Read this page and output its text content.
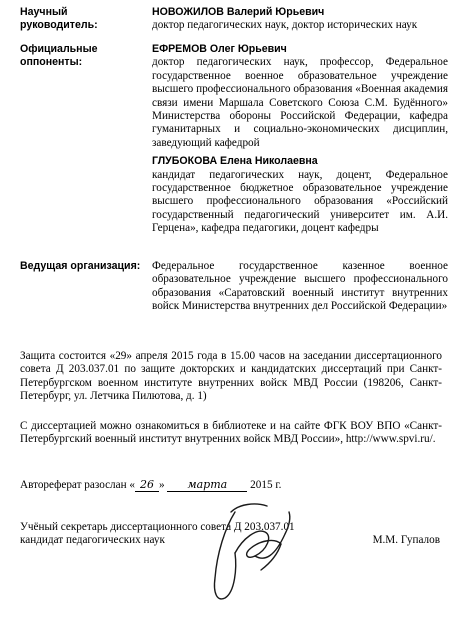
Научный
руководитель:
НОВОЖИЛОВ Валерий Юрьевич
доктор педагогических наук, доктор исторических наук
Официальные
оппоненты:
ЕФРЕМОВ Олег Юрьевич
доктор педагогических наук, профессор, Федеральное государственное военное образовательное учреждение высшего профессионального образования «Военная академия связи имени Маршала Советского Союза С.М. Будённого» Министерства обороны Российской Федерации, кафедра гуманитарных и социально-экономических дисциплин, заведующий кафедрой
ГЛУБОКОВА Елена Николаевна
кандидат педагогических наук, доцент, Федеральное государственное бюджетное образовательное учреждение высшего профессионального образования «Российский государственный педагогический университет им. А.И. Герцена», кафедра педагогики, доцент кафедры
Ведущая организация:	Федеральное государственное казенное военное образовательное учреждение высшего профессионального образования «Саратовский военный институт внутренних войск Министерства внутренних дел Российской Федерации»
Защита состоится «29» апреля 2015 года в 15.00 часов на заседании диссертационного совета Д 203.037.01 по защите докторских и кандидатских диссертаций при Санкт-Петербургском военном институте внутренних войск МВД России (198206, Санкт-Петербург, ул. Летчика Пилютова, д. 1)
С диссертацией можно ознакомиться в библиотеке и на сайте ФГК ВОУ ВПО «Санкт-Петербургский военный институт внутренних войск МВД России», http://www.spvi.ru/.
Автореферат разослан « 26 » марта 2015 г.
Учёный секретарь диссертационного совета Д 203.037.01
кандидат педагогических наук	М.М. Гупалов
